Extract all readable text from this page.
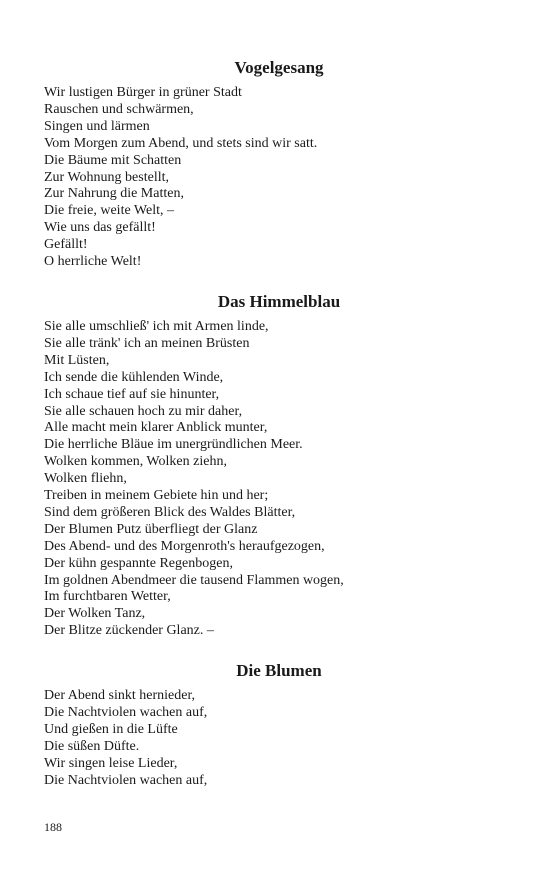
Vogelgesang
Wir lustigen Bürger in grüner Stadt
Rauschen und schwärmen,
Singen und lärmen
Vom Morgen zum Abend, und stets sind wir satt.
Die Bäume mit Schatten
Zur Wohnung bestellt,
Zur Nahrung die Matten,
Die freie, weite Welt, –
Wie uns das gefällt!
Gefällt!
O herrliche Welt!
Das Himmelblau
Sie alle umschließ' ich mit Armen linde,
Sie alle tränk' ich an meinen Brüsten
Mit Lüsten,
Ich sende die kühlenden Winde,
Ich schaue tief auf sie hinunter,
Sie alle schauen hoch zu mir daher,
Alle macht mein klarer Anblick munter,
Die herrliche Bläue im unergründlichen Meer.
Wolken kommen, Wolken ziehn,
Wolken fliehn,
Treiben in meinem Gebiete hin und her;
Sind dem größeren Blick des Waldes Blätter,
Der Blumen Putz überfliegt der Glanz
Des Abend- und des Morgenroth's heraufgezogen,
Der kühn gespannte Regenbogen,
Im goldnen Abendmeer die tausend Flammen wogen,
Im furchtbaren Wetter,
Der Wolken Tanz,
Der Blitze zückender Glanz. –
Die Blumen
Der Abend sinkt hernieder,
Die Nachtviolen wachen auf,
Und gießen in die Lüfte
Die süßen Düfte.
Wir singen leise Lieder,
Die Nachtviolen wachen auf,
188
